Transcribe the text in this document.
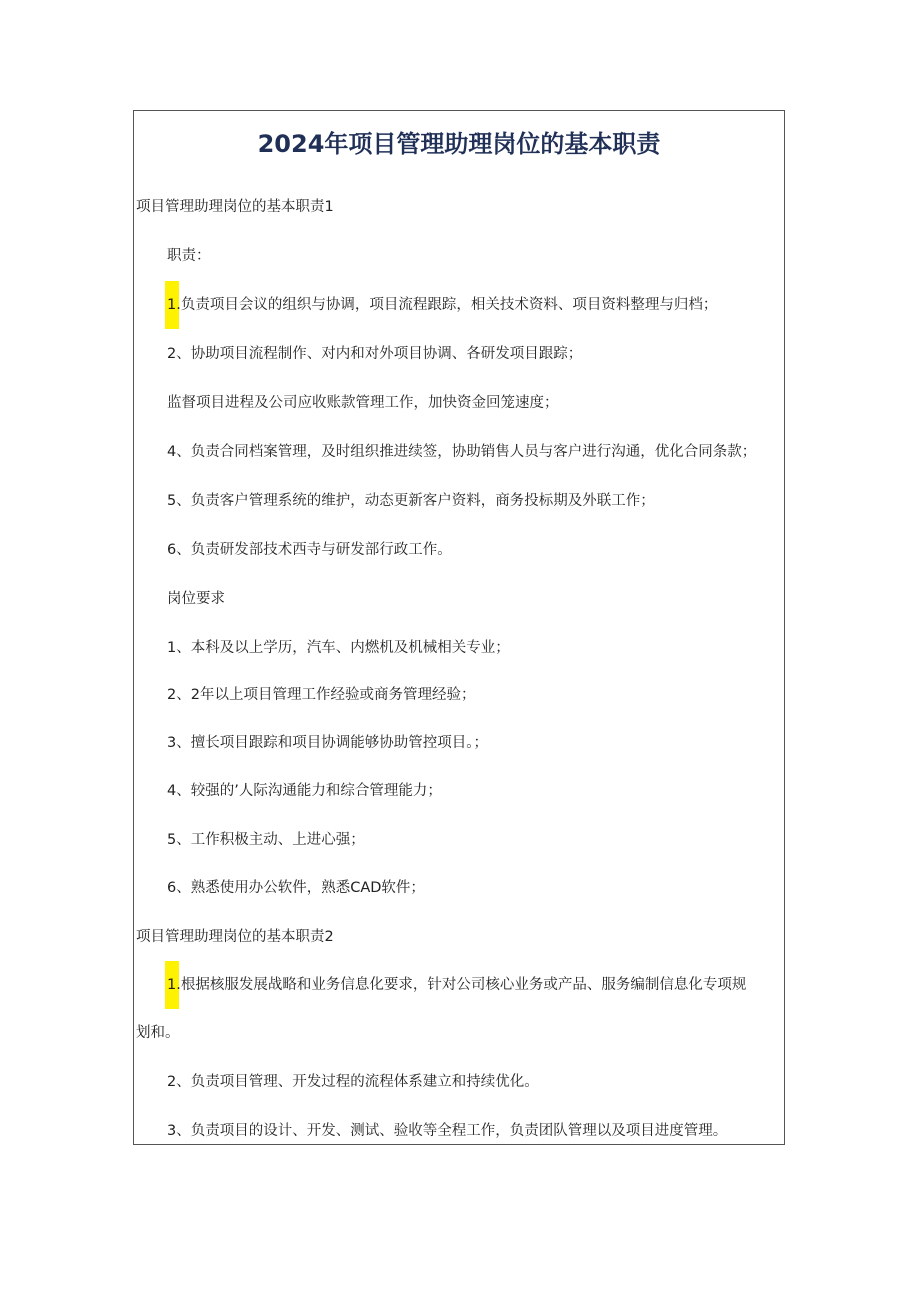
2024年项目管理助理岗位的基本职责
项目管理助理岗位的基本职责1
职责：
1.负责项目会议的组织与协调，项目流程跟踪，相关技术资料、项目资料整理与归档；
2、协助项目流程制作、对内和对外项目协调、各研发项目跟踪；
监督项目进程及公司应收账款管理工作，加快资金回笼速度；
4、负责合同档案管理，及时组织推进续签，协助销售人员与客户进行沟通，优化合同条款；
5、负责客户管理系统的维护，动态更新客户资料，商务投标期及外联工作；
6、负责研发部技术西寺与研发部行政工作。
岗位要求
1、本科及以上学历，汽车、内燃机及机械相关专业；
2、2年以上项目管理工作经验或商务管理经验；
3、擅长项目跟踪和项目协调能够协助管控项目。；
4、较强的’人际沟通能力和综合管理能力；
5、工作积极主动、上进心强；
6、熟悉使用办公软件，熟悉CAD软件；
项目管理助理岗位的基本职责2
1.根据核服发展战略和业务信息化要求，针对公司核心业务或产品、服务编制信息化专项规
划和。
2、负责项目管理、开发过程的流程体系建立和持续优化。
3、负责项目的设计、开发、测试、验收等全程工作，负责团队管理以及项目进度管理。
